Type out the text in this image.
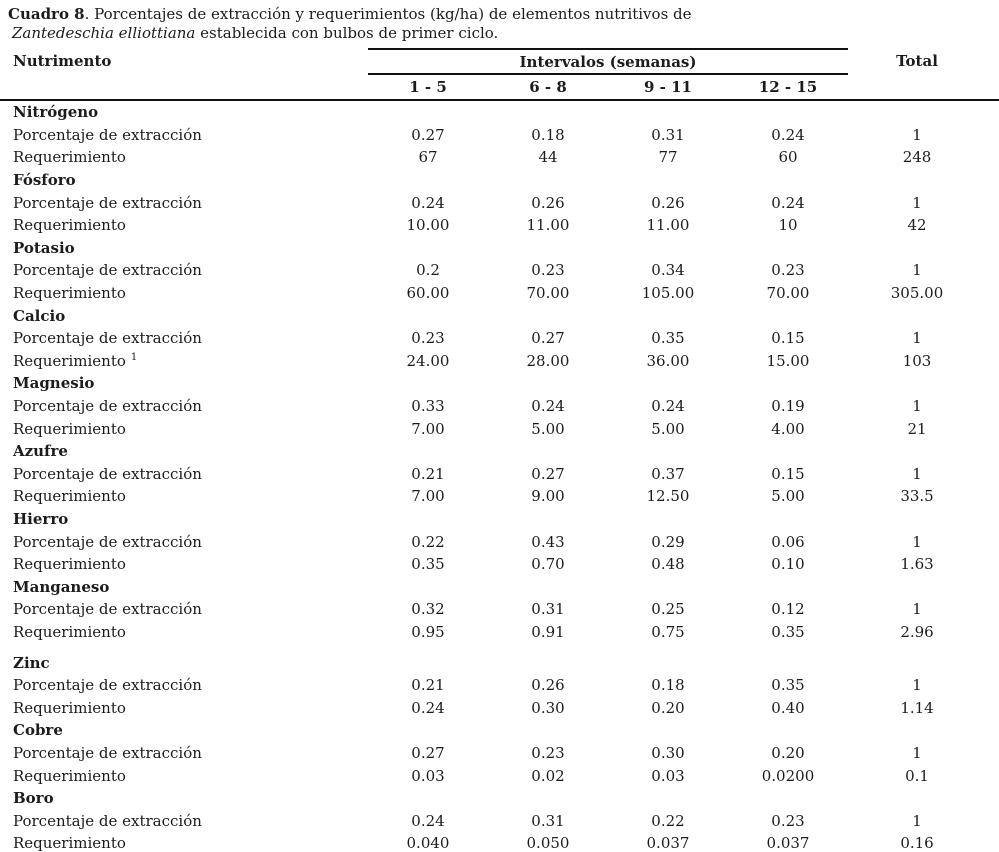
Cuadro 8. Porcentajes de extracción y requerimientos (kg/ha) de elementos nutritivos de
Zantedeschia elliottiana establecida con bulbos de primer ciclo.

Nutrimento	Intervalos (semanas)				Total
	1 - 5	6 - 8	9 - 11	12 - 15	
Nitrógeno					
Porcentaje de extracción	0.27	0.18	0.31	0.24	1
Requerimiento	67	44	77	60	248
Fósforo					
Porcentaje de extracción	0.24	0.26	0.26	0.24	1
Requerimiento	10.00	11.00	11.00	10	42
Potasio					
Porcentaje de extracción	0.2	0.23	0.34	0.23	1
Requerimiento	60.00	70.00	105.00	70.00	305.00
Calcio					
Porcentaje de extracción	0.23	0.27	0.35	0.15	1
Requerimiento $^1$	24.00	28.00	36.00	15.00	103
Magnesio					
Porcentaje de extracción	0.33	0.24	0.24	0.19	1
Requerimiento	7.00	5.00	5.00	4.00	21
Azufre					
Porcentaje de extracción	0.21	0.27	0.37	0.15	1
Requerimiento	7.00	9.00	12.50	5.00	33.5
Hierro					
Porcentaje de extracción	0.22	0.43	0.29	0.06	1
Requerimiento	0.35	0.70	0.48	0.10	1.63
Manganeso					
Porcentaje de extracción	0.32	0.31	0.25	0.12	1
Requerimiento	0.95	0.91	0.75	0.35	2.96
Zinc					
Porcentaje de extracción	0.21	0.26	0.18	0.35	1
Requerimiento	0.24	0.30	0.20	0.40	1.14
Cobre					
Porcentaje de extracción	0.27	0.23	0.30	0.20	1
Requerimiento	0.03	0.02	0.03	0.0200	0.1
Boro					
Porcentaje de extracción	0.24	0.31	0.22	0.23	1
Requerimiento	0.040	0.050	0.037	0.037	0.16
